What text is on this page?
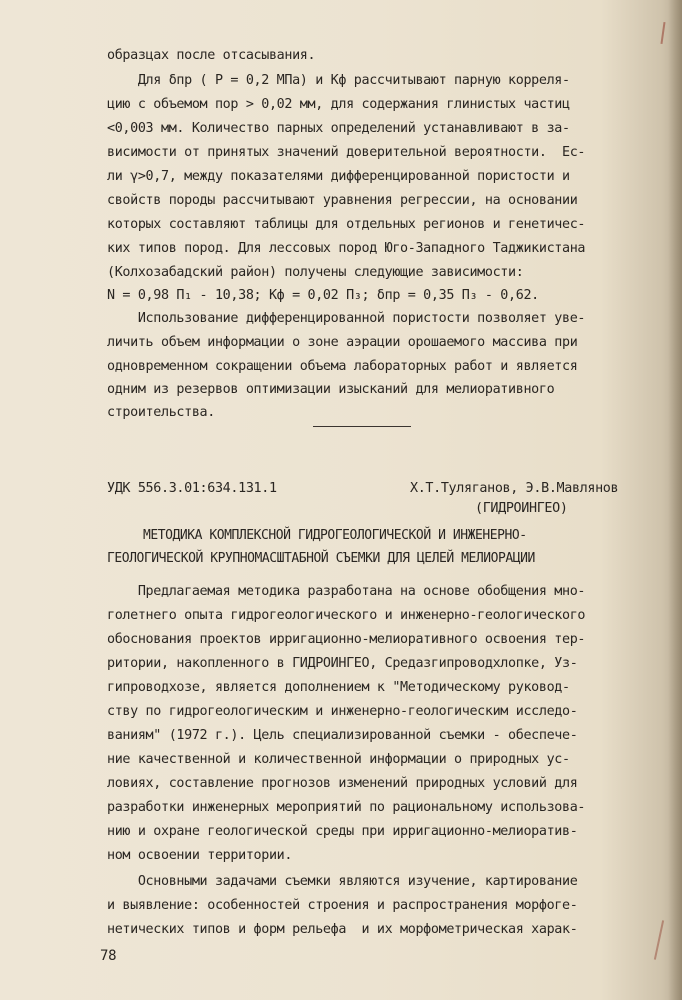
образцах после отсасывания.

Для δпр ( Р = 0,2 МПа) и Кф рассчитывают парную корреля-

цию с объемом пор > 0,02 мм, для содержания глинистых частиц

<0,003 мм. Количество парных определений устанавливают в за-

висимости от принятых значений доверительной вероятности.  Ес-

ли γ>0,7, между показателями дифференцированной пористости и

свойств породы рассчитывают уравнения регрессии, на основании

которых составляют таблицы для отдельных регионов и генетичес-

ких типов пород. Для лессовых пород Юго-Западного Таджикистана

(Колхозабадский район) получены следующие зависимости:

N = 0,98 П₁ - 10,38; Кф = 0,02 П₃; δпр = 0,35 П₃ - 0,62.

Использование дифференцированной пористости позволяет уве-

личить объем информации о зоне аэрации орошаемого массива при

одновременном сокращении объема лабораторных работ и является

одним из резервов оптимизации изысканий для мелиоративного

строительства.

УДК 556.3.01:634.131.1	Х.Т.Туляганов, Э.В.Мавлянов

(ГИДРОИНГЕО)

МЕТОДИКА КОМПЛЕКСНОЙ ГИДРОГЕОЛОГИЧЕСКОЙ И ИНЖЕНЕРНО-

ГЕОЛОГИЧЕСКОЙ КРУПНОМАСШТАБНОЙ СЪЕМКИ ДЛЯ ЦЕЛЕЙ МЕЛИОРАЦИИ

Предлагаемая методика разработана на основе обобщения мно-

голетнего опыта гидрогеологического и инженерно-геологического

обоснования проектов ирригационно-мелиоративного освоения тер-

ритории, накопленного в ГИДРОИНГЕО, Средазгипроводхлопке, Уз-

гипроводхозе, является дополнением к "Методическому руковод-

ству по гидрогеологическим и инженерно-геологическим исследо-

ваниям" (1972 г.). Цель специализированной съемки - обеспече-

ние качественной и количественной информации о природных ус-

ловиях, составление прогнозов изменений природных условий для

разработки инженерных мероприятий по рациональному использова-

нию и охране геологической среды при ирригационно-мелиоратив-

ном освоении территории.

Основными задачами съемки являются изучение, картирование

и выявление: особенностей строения и распространения морфоге-

нетических типов и форм рельефа  и их морфометрическая харак-

78
